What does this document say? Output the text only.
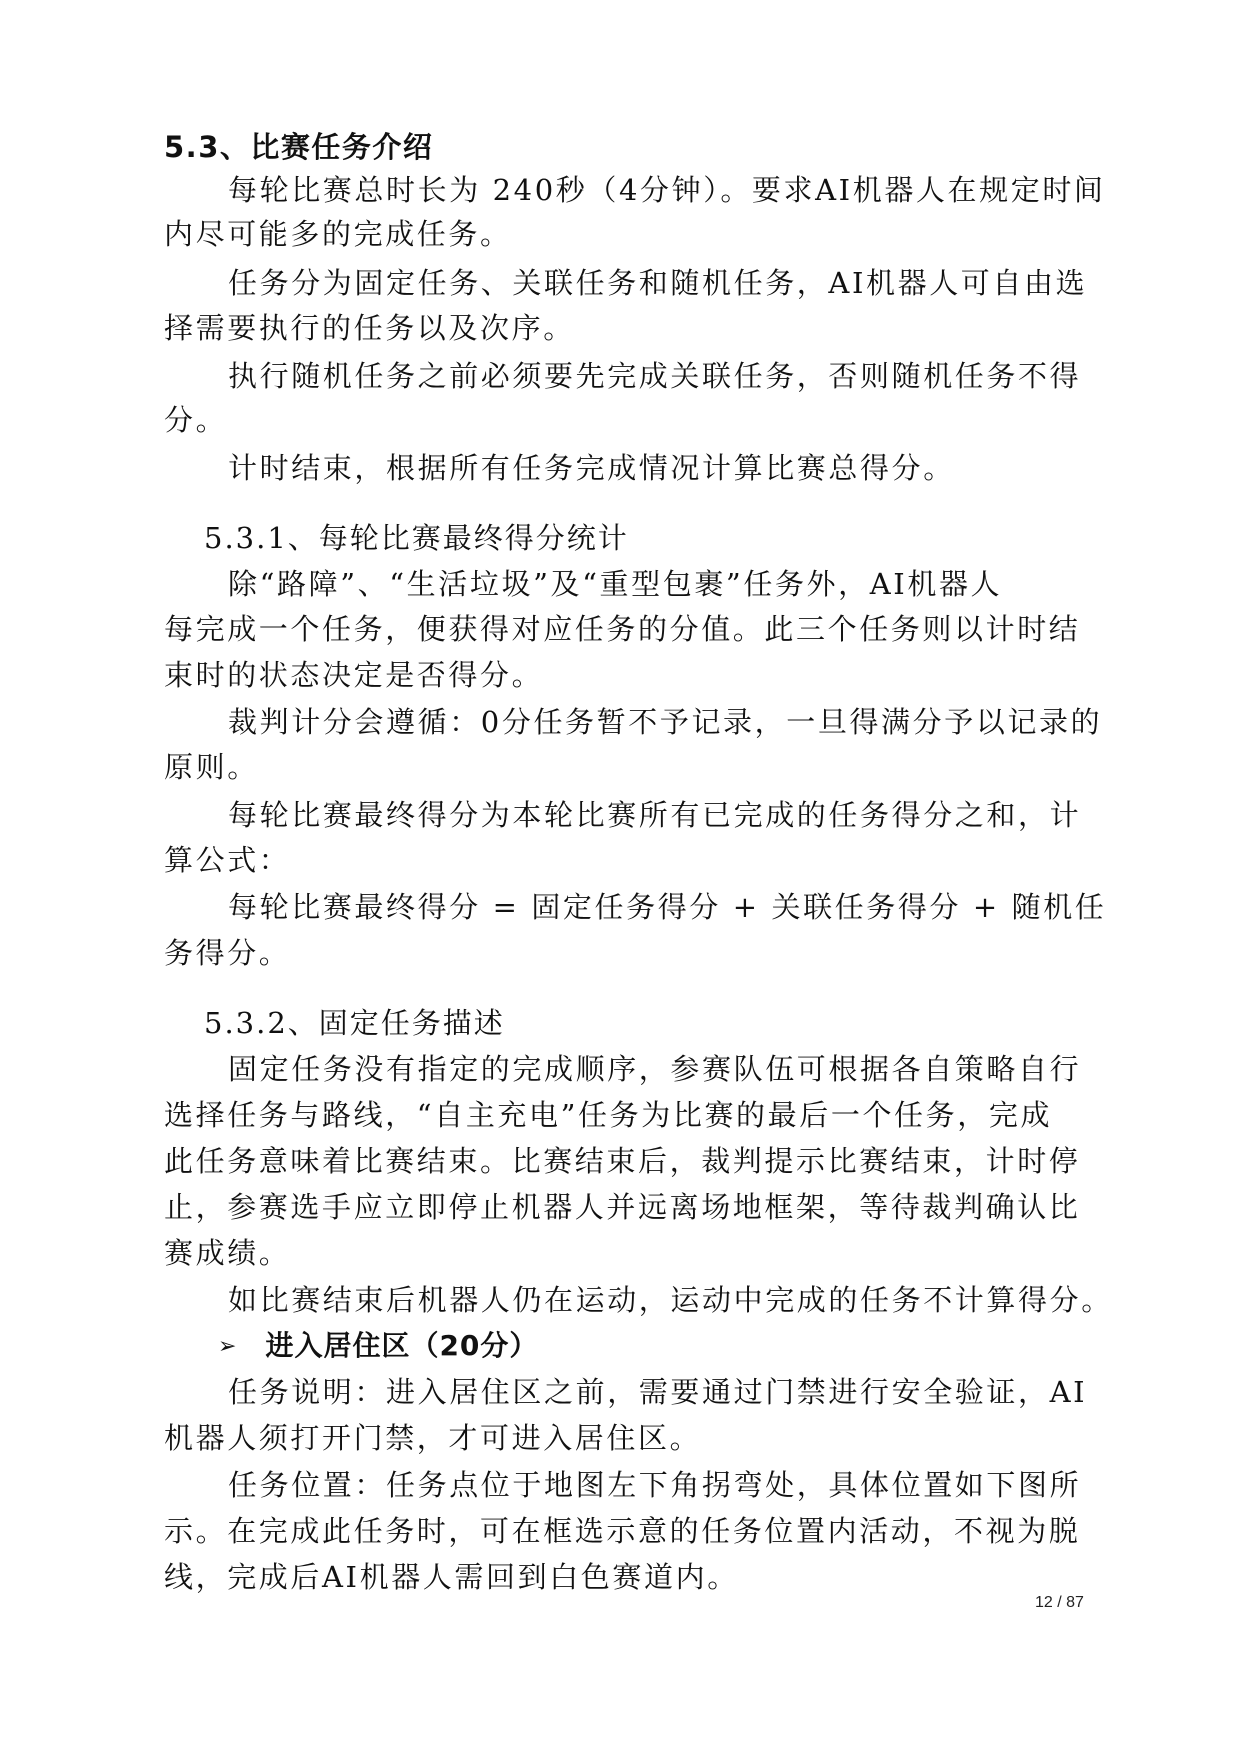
5.3、比赛任务介绍
每轮比赛总时长为 240秒（4分钟）。要求AI机器人在规定时间
内尽可能多的完成任务。
任务分为固定任务、关联任务和随机任务，AI机器人可自由选
择需要执行的任务以及次序。
执行随机任务之前必须要先完成关联任务，否则随机任务不得
分。
计时结束，根据所有任务完成情况计算比赛总得分。
5.3.1、每轮比赛最终得分统计
除“路障”、“生活垃圾”及“重型包裹”任务外，AI机器人
每完成一个任务，便获得对应任务的分值。此三个任务则以计时结
束时的状态决定是否得分。
裁判计分会遵循：0分任务暂不予记录，一旦得满分予以记录的
原则。
每轮比赛最终得分为本轮比赛所有已完成的任务得分之和，计
算公式：
每轮比赛最终得分 = 固定任务得分 + 关联任务得分 + 随机任
务得分。
5.3.2、固定任务描述
固定任务没有指定的完成顺序，参赛队伍可根据各自策略自行
选择任务与路线，“自主充电”任务为比赛的最后一个任务，完成
此任务意味着比赛结束。比赛结束后，裁判提示比赛结束，计时停
止，参赛选手应立即停止机器人并远离场地框架，等待裁判确认比
赛成绩。
如比赛结束后机器人仍在运动，运动中完成的任务不计算得分。
➢ 进入居住区（20分）
任务说明：进入居住区之前，需要通过门禁进行安全验证，AI
机器人须打开门禁，才可进入居住区。
任务位置：任务点位于地图左下角拐弯处，具体位置如下图所
示。在完成此任务时，可在框选示意的任务位置内活动，不视为脱
线，完成后AI机器人需回到白色赛道内。
12 / 87
